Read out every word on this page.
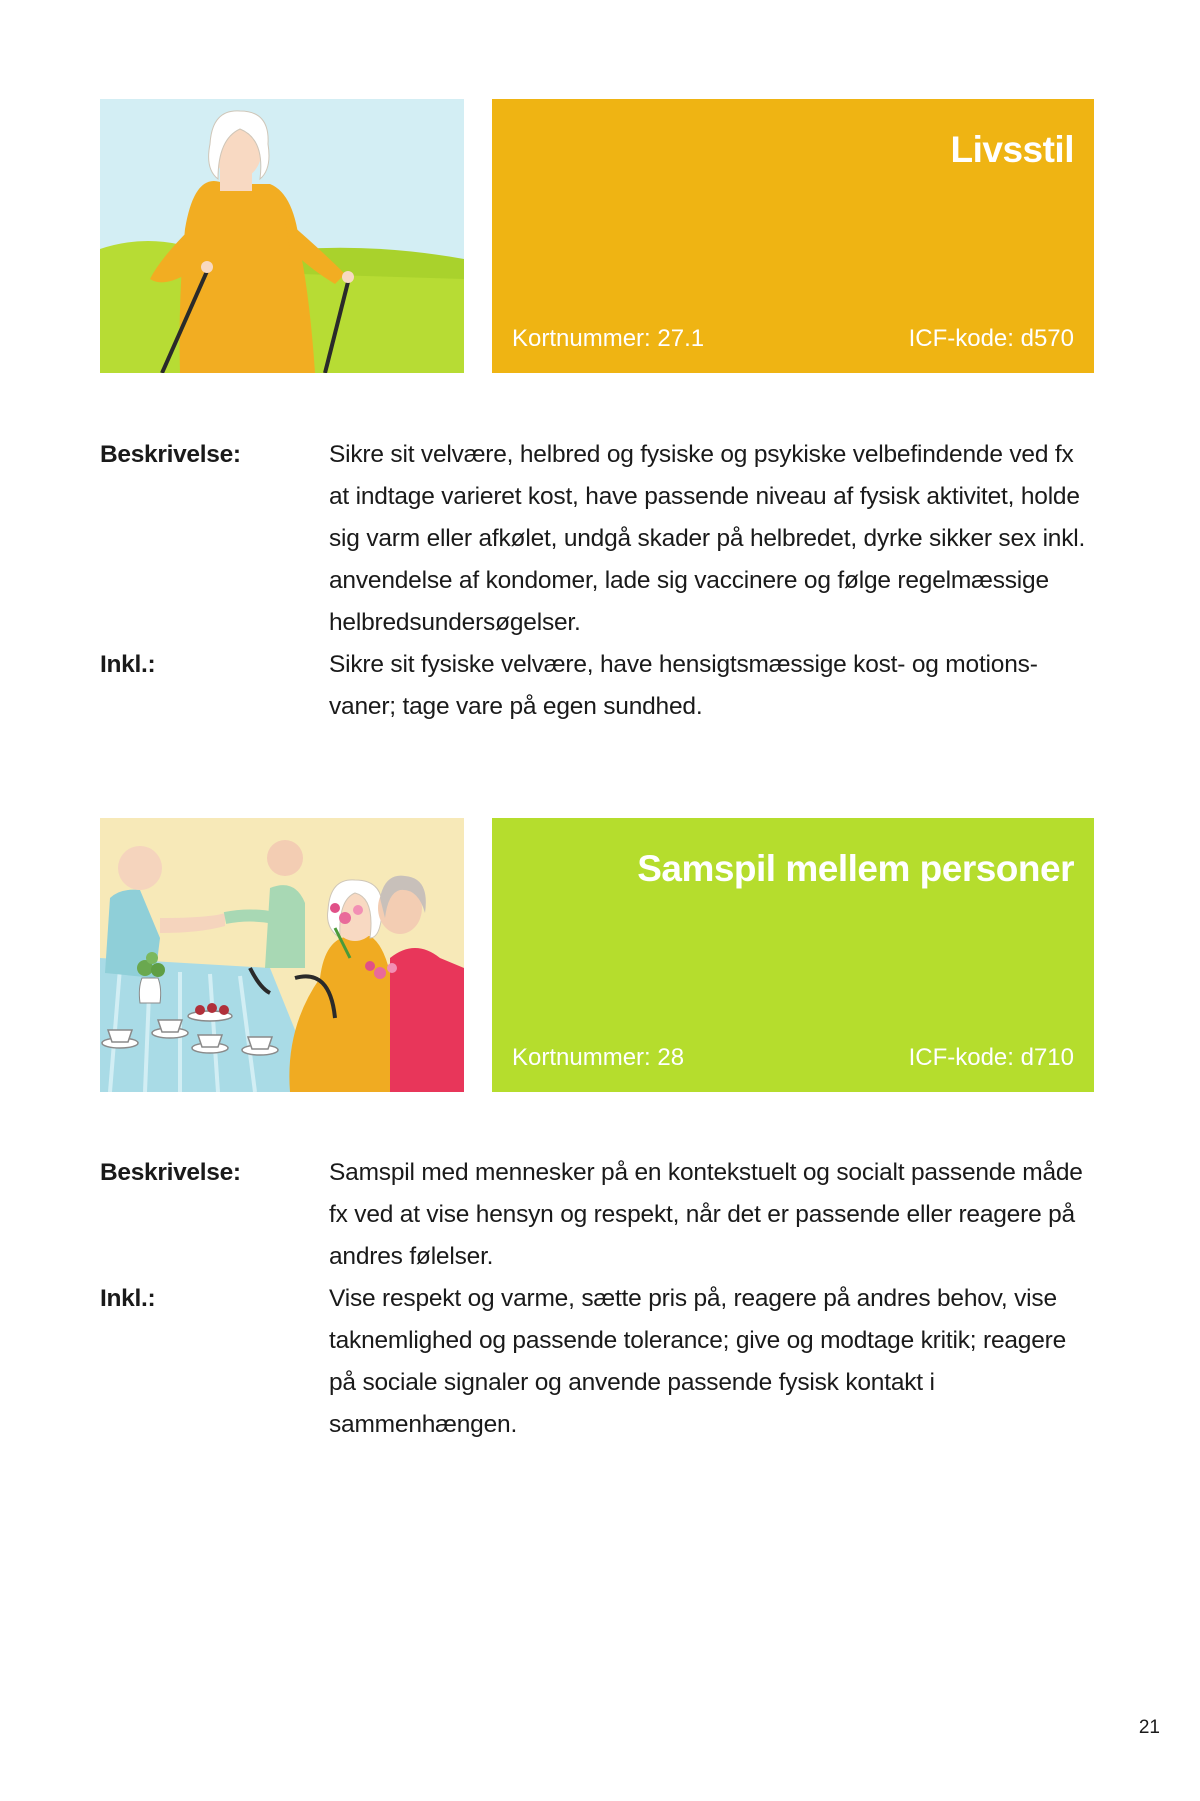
Livsstil
Kortnummer: 27.1	ICF-kode: d570
Beskrivelse:	Sikre sit velvære, helbred og fysiske og psykiske velbefindende ved fx at indtage varieret kost, have passende niveau af fysisk aktivitet, holde sig varm eller afkølet, undgå skader på helbredet, dyrke sikker sex inkl. anvendelse af kondomer, lade sig vaccinere og følge regelmæssige helbredsundersøgelser.
Inkl.:	Sikre sit fysiske velvære, have hensigtsmæssige kost- og motions-vaner; tage vare på egen sundhed.
Samspil mellem personer
Kortnummer: 28	ICF-kode: d710
Beskrivelse:	Samspil med mennesker på en kontekstuelt og socialt passende måde fx ved at vise hensyn og respekt, når det er passende eller reagere på andres følelser.
Inkl.:	Vise respekt og varme, sætte pris på, reagere på andres behov, vise taknemlighed og passende tolerance; give og modtage kritik; reagere på sociale signaler og anvende passende fysisk kontakt i sammenhængen.
21
